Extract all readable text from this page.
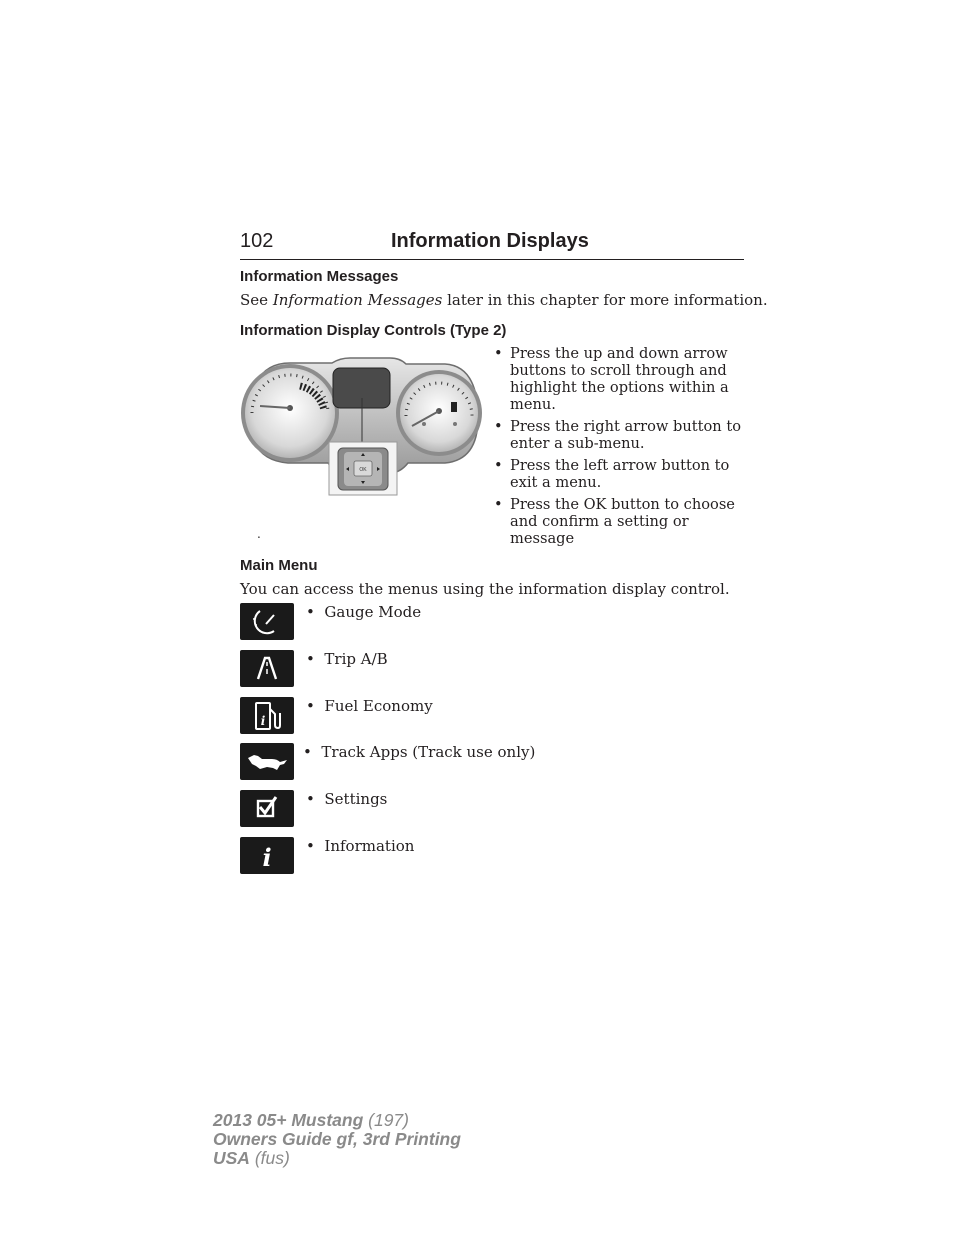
102	Information Displays
Information Messages

See Information Messages later in this chapter for more information.

Information Display Controls (Type 2)
OK
• Press the up and down arrow buttons to scroll through and highlight the options within a menu.
• Press the right arrow button to enter a sub-menu.
• Press the left arrow button to exit a menu.
• Press the OK button to choose and confirm a setting or message
.
Main Menu

You can access the menus using the information display control.

• Gauge Mode
• Trip A/B
i
• Fuel Economy
• Track Apps (Track use only)
• Settings
i • Information
2013 05+ Mustang (197)
Owners Guide gf, 3rd Printing
USA (fus)
